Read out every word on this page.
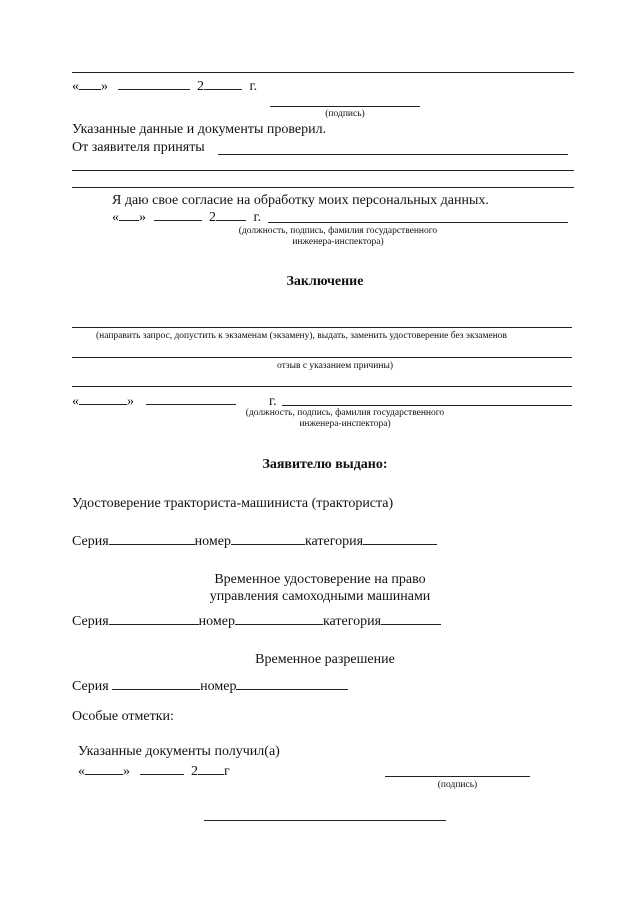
« »	2	г.
(подпись)
Указанные данные и документы проверил.
От заявителя приняты
Я даю свое согласие на обработку моих персональных данных.
« »	2	г.
(должность, подпись, фамилия государственного
инженера-инспектора)
Заключение
(направить запрос, допустить к экзаменам (экзамену), выдать, заменить удостоверение без экзаменов
отзыв с указанием причины)
«	»	г.
(должность, подпись, фамилия государственного
инженера-инспектора)
Заявителю выдано:
Удостоверение тракториста-машиниста (тракториста)
Серия	номер	категория
Временное удостоверение на право
управления самоходными машинами
Серия	номер	категория
Временное разрешение
Серия	номер
Особые отметки:
Указанные документы получил(а)
«	»	2 г
(подпись)
